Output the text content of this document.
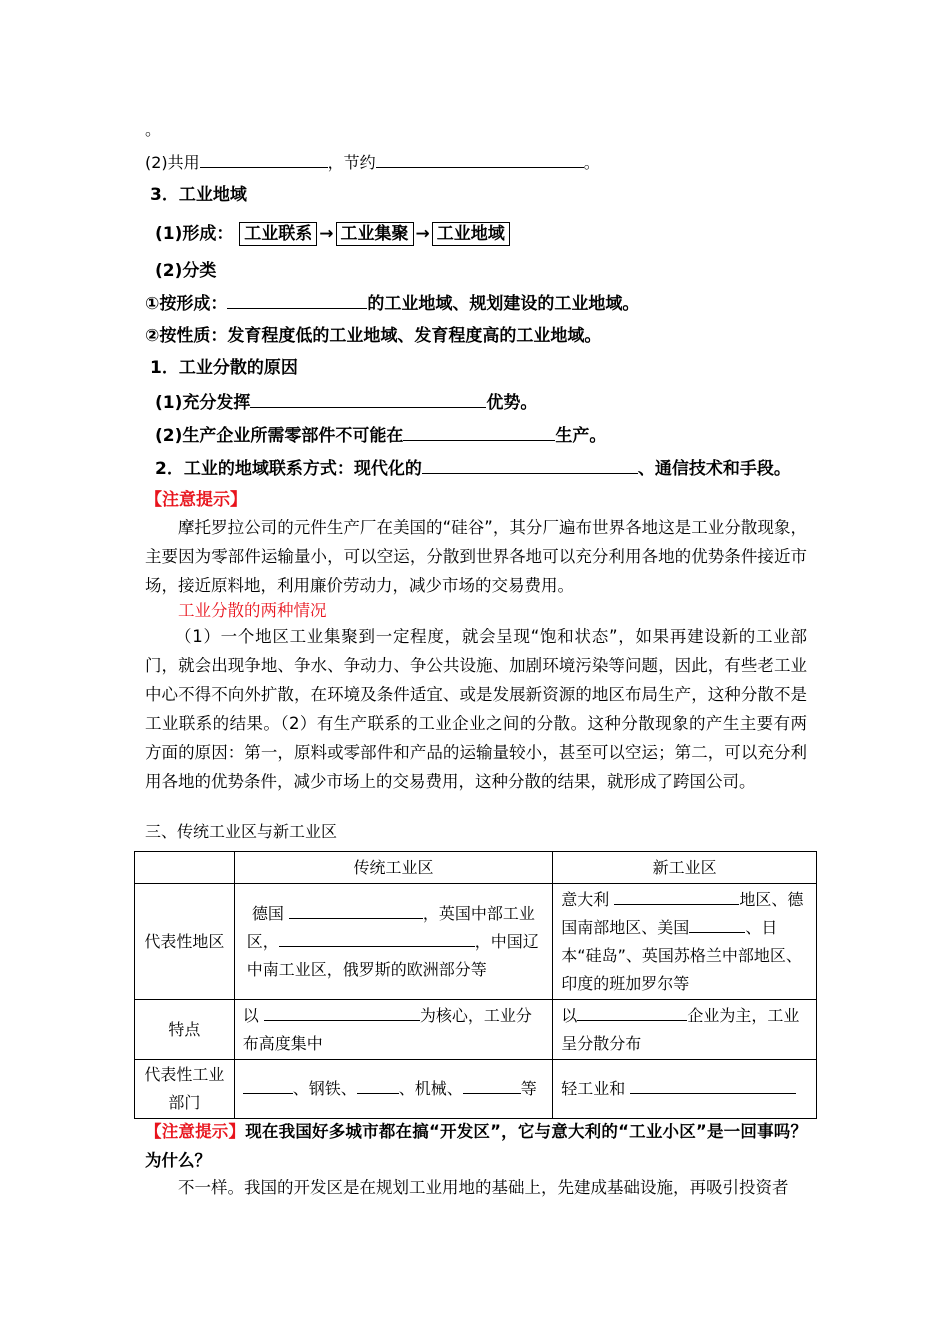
。
(2)共用	，节约	。
3．工业地域
(1)形成： 工业联系 → 工业集聚 → 工业地域
(2)分类
①按形成：	的工业地域、规划建设的工业地域。
②按性质：发育程度低的工业地域、发育程度高的工业地域。
1．工业分散的原因
(1)充分发挥	优势。
(2)生产企业所需零部件不可能在	生产。
2．工业的地域联系方式：现代化的	、通信技术和手段。
【注意提示】
摩托罗拉公司的元件生产厂在美国的“硅谷”，其分厂遍布世界各地这是工业分散现象，主要因为零部件运输量小，可以空运，分散到世界各地可以充分利用各地的优势条件接近市场，接近原料地，利用廉价劳动力，减少市场的交易费用。
工业分散的两种情况
（1）一个地区工业集聚到一定程度，就会呈现“饱和状态”，如果再建设新的工业部门，就会出现争地、争水、争动力、争公共设施、加剧环境污染等问题，因此，有些老工业中心不得不向外扩散，在环境及条件适宜、或是发展新资源的地区布局生产，这种分散不是工业联系的结果。（2）有生产联系的工业企业之间的分散。这种分散现象的产生主要有两方面的原因：第一，原料或零部件和产品的运输量较小，甚至可以空运；第二，可以充分利用各地的优势条件，减少市场上的交易费用，这种分散的结果，就形成了跨国公司。
三、传统工业区与新工业区
	传统工业区	新工业区
代表性地区	德国 ，英国中部工业区， ，中国辽中南工业区，俄罗斯的欧洲部分等	意大利 地区、德国南部地区、美国 、日本“硅岛”、英国苏格兰中部地区、印度的班加罗尔等
特点	以 为核心，工业分布高度集中	以 企业为主，工业呈分散分布
代表性工业部门	、钢铁、 、机械、 等	轻工业和
【注意提示】现在我国好多城市都在搞“开发区”，它与意大利的“工业小区”是一回事吗？为什么？
不一样。我国的开发区是在规划工业用地的基础上，先建成基础设施，再吸引投资者
